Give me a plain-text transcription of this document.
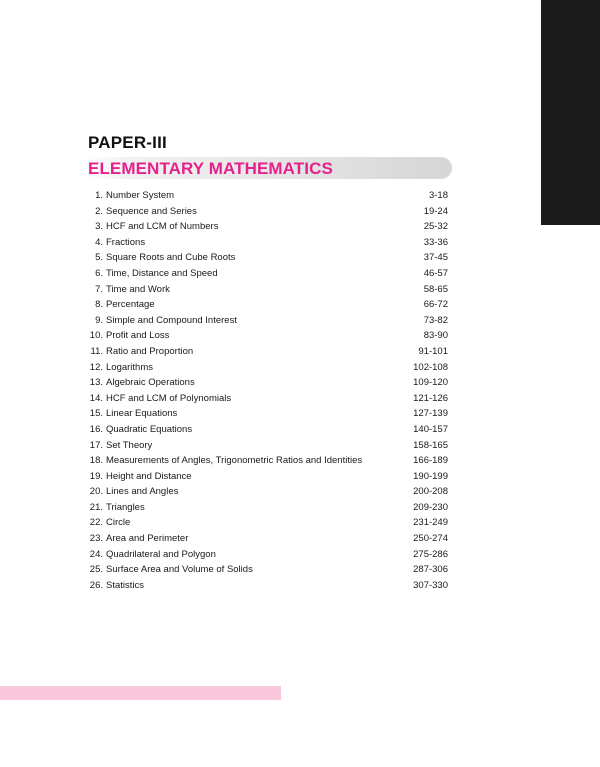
PAPER-III
ELEMENTARY MATHEMATICS
1. Number System	3-18
2. Sequence and Series	19-24
3. HCF and LCM of Numbers	25-32
4. Fractions	33-36
5. Square Roots and Cube Roots	37-45
6. Time, Distance and Speed	46-57
7. Time and Work	58-65
8. Percentage	66-72
9. Simple and Compound Interest	73-82
10. Profit and Loss	83-90
11. Ratio and Proportion	91-101
12. Logarithms	102-108
13. Algebraic Operations	109-120
14. HCF and LCM of Polynomials	121-126
15. Linear Equations	127-139
16. Quadratic Equations	140-157
17. Set Theory	158-165
18. Measurements of Angles, Trigonometric Ratios and Identities	166-189
19. Height and Distance	190-199
20. Lines and Angles	200-208
21. Triangles	209-230
22. Circle	231-249
23. Area and Perimeter	250-274
24. Quadrilateral and Polygon	275-286
25. Surface Area and Volume of Solids	287-306
26. Statistics	307-330
